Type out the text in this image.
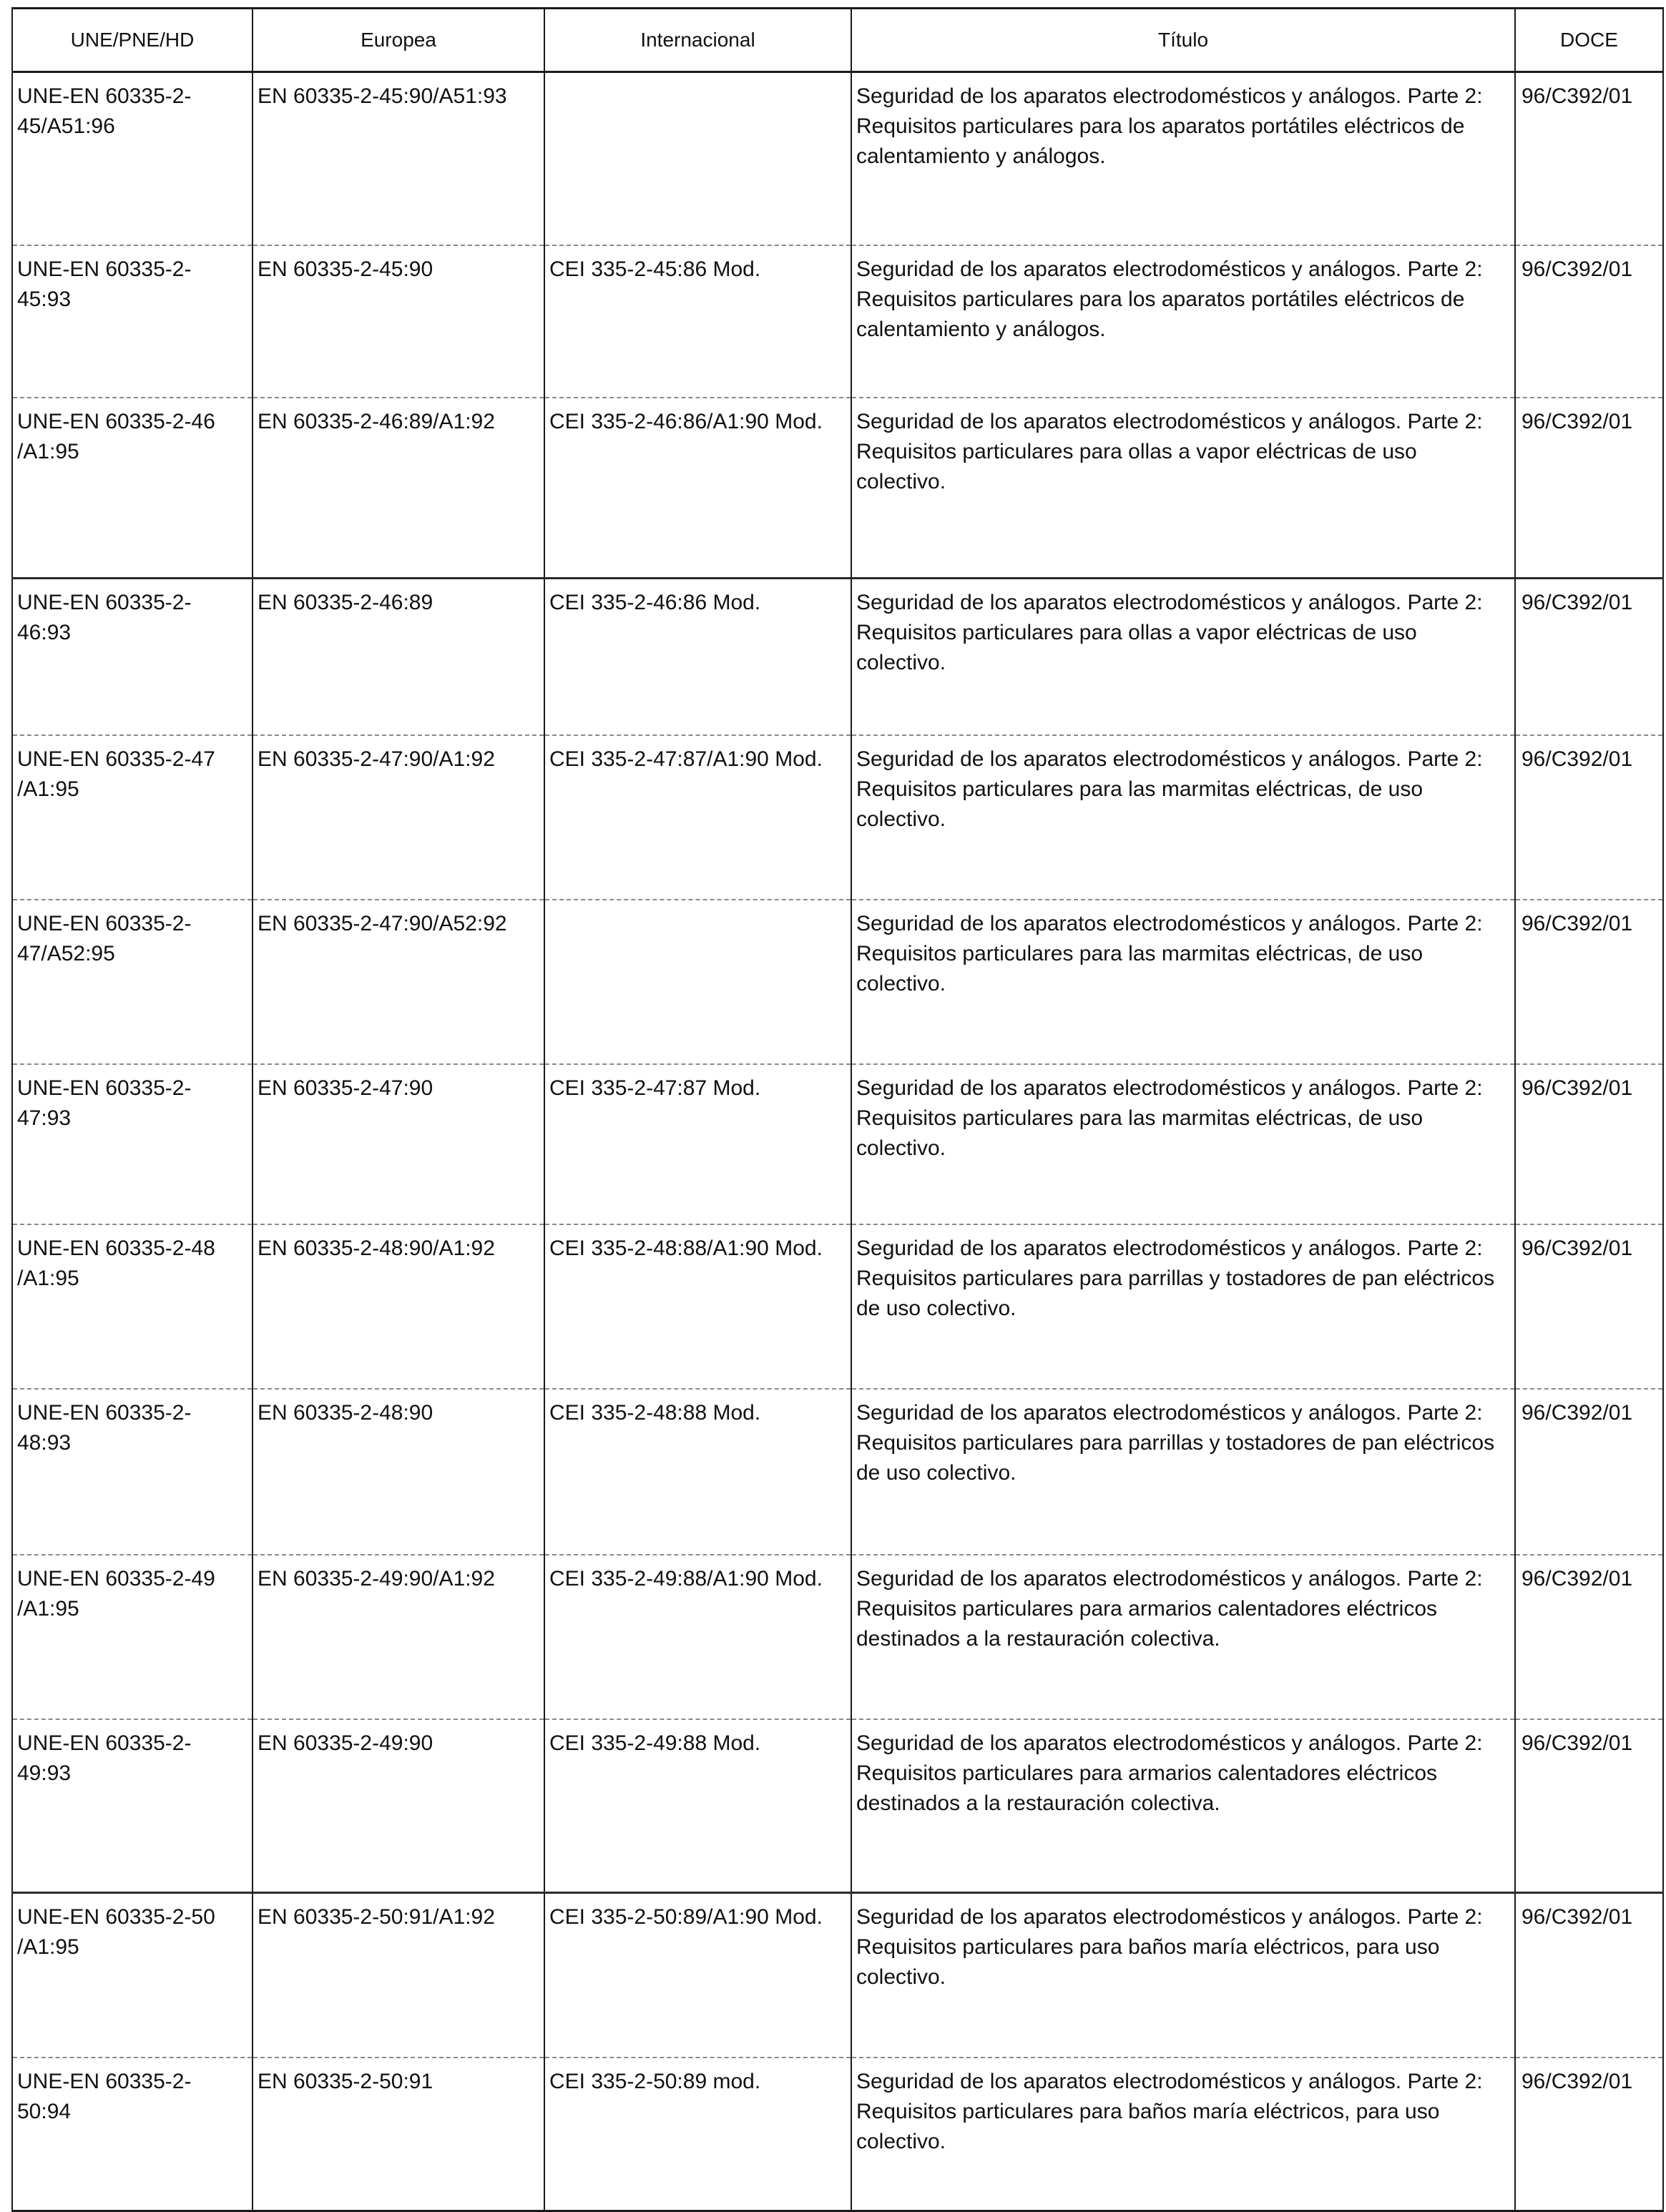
UNE/PNE/HD	Europea	Internacional	Título	DOCE
UNE-EN 60335-2-45/A51:96	EN 60335-2-45:90/A51:93		Seguridad de los aparatos electrodomésticos y análogos. Parte 2: Requisitos particulares para los aparatos portátiles eléctricos de calentamiento y análogos.	96/C392/01
UNE-EN 60335-2-45:93	EN 60335-2-45:90	CEI 335-2-45:86 Mod.	Seguridad de los aparatos electrodomésticos y análogos. Parte 2: Requisitos particulares para los aparatos portátiles eléctricos de calentamiento y análogos.	96/C392/01
UNE-EN 60335-2-46 /A1:95	EN 60335-2-46:89/A1:92	CEI 335-2-46:86/A1:90 Mod.	Seguridad de los aparatos electrodomésticos y análogos. Parte 2: Requisitos particulares para ollas a vapor eléctricas de uso colectivo.	96/C392/01
UNE-EN 60335-2-46:93	EN 60335-2-46:89	CEI 335-2-46:86 Mod.	Seguridad de los aparatos electrodomésticos y análogos. Parte 2: Requisitos particulares para ollas a vapor eléctricas de uso colectivo.	96/C392/01
UNE-EN 60335-2-47 /A1:95	EN 60335-2-47:90/A1:92	CEI 335-2-47:87/A1:90 Mod.	Seguridad de los aparatos electrodomésticos y análogos. Parte 2: Requisitos particulares para las marmitas eléctricas, de uso colectivo.	96/C392/01
UNE-EN 60335-2-47/A52:95	EN 60335-2-47:90/A52:92		Seguridad de los aparatos electrodomésticos y análogos. Parte 2: Requisitos particulares para las marmitas eléctricas, de uso colectivo.	96/C392/01
UNE-EN 60335-2-47:93	EN 60335-2-47:90	CEI 335-2-47:87 Mod.	Seguridad de los aparatos electrodomésticos y análogos. Parte 2: Requisitos particulares para las marmitas eléctricas, de uso colectivo.	96/C392/01
UNE-EN 60335-2-48 /A1:95	EN 60335-2-48:90/A1:92	CEI 335-2-48:88/A1:90 Mod.	Seguridad de los aparatos electrodomésticos y análogos. Parte 2: Requisitos particulares para parrillas y tostadores de pan eléctricos de uso colectivo.	96/C392/01
UNE-EN 60335-2-48:93	EN 60335-2-48:90	CEI 335-2-48:88 Mod.	Seguridad de los aparatos electrodomésticos y análogos. Parte 2: Requisitos particulares para parrillas y tostadores de pan eléctricos de uso colectivo.	96/C392/01
UNE-EN 60335-2-49 /A1:95	EN 60335-2-49:90/A1:92	CEI 335-2-49:88/A1:90 Mod.	Seguridad de los aparatos electrodomésticos y análogos. Parte 2: Requisitos particulares para armarios calentadores eléctricos destinados a la restauración colectiva.	96/C392/01
UNE-EN 60335-2-49:93	EN 60335-2-49:90	CEI 335-2-49:88 Mod.	Seguridad de los aparatos electrodomésticos y análogos. Parte 2: Requisitos particulares para armarios calentadores eléctricos destinados a la restauración colectiva.	96/C392/01
UNE-EN 60335-2-50 /A1:95	EN 60335-2-50:91/A1:92	CEI 335-2-50:89/A1:90 Mod.	Seguridad de los aparatos electrodomésticos y análogos. Parte 2: Requisitos particulares para baños maría eléctricos, para uso colectivo.	96/C392/01
UNE-EN 60335-2-50:94	EN 60335-2-50:91	CEI 335-2-50:89 mod.	Seguridad de los aparatos electrodomésticos y análogos. Parte 2: Requisitos particulares para baños maría eléctricos, para uso colectivo.	96/C392/01
